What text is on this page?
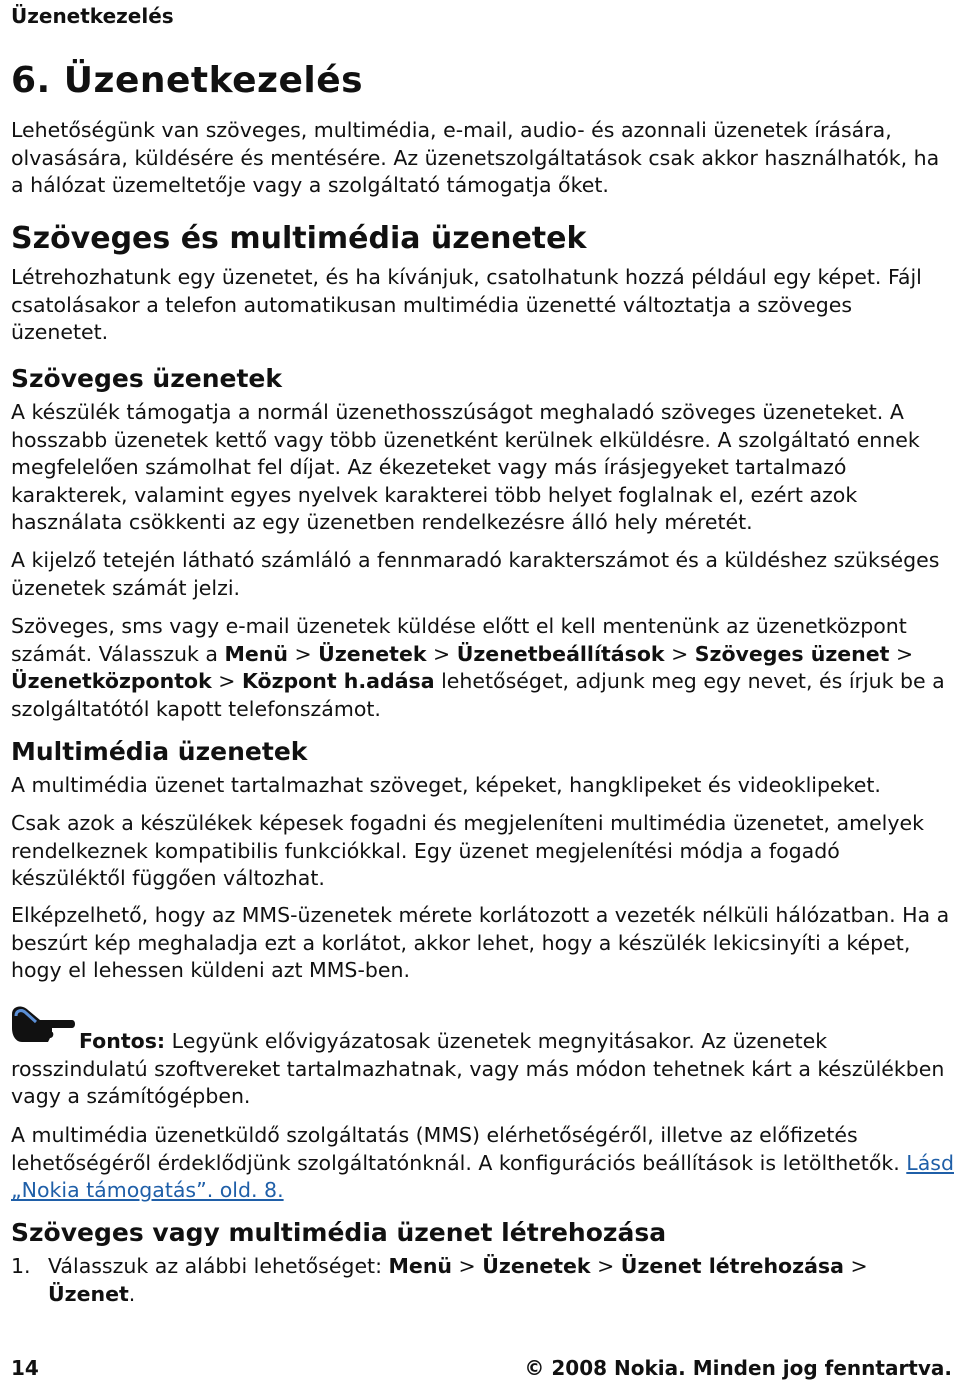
Üzenetkezelés
6. Üzenetkezelés

Lehetőségünk van szöveges, multimédia, e-mail, audio- és azonnali üzenetek írására, olvasására, küldésére és mentésére. Az üzenetszolgáltatások csak akkor használhatók, ha a hálózat üzemeltetője vagy a szolgáltató támogatja őket.

Szöveges és multimédia üzenetek

Létrehozhatunk egy üzenetet, és ha kívánjuk, csatolhatunk hozzá például egy képet. Fájl csatolásakor a telefon automatikusan multimédia üzenetté változtatja a szöveges üzenetet.

Szöveges üzenetek

A készülék támogatja a normál üzenethosszúságot meghaladó szöveges üzeneteket. A hosszabb üzenetek kettő vagy több üzenetként kerülnek elküldésre. A szolgáltató ennek megfelelően számolhat fel díjat. Az ékezeteket vagy más írásjegyeket tartalmazó karakterek, valamint egyes nyelvek karakterei több helyet foglalnak el, ezért azok használata csökkenti az egy üzenetben rendelkezésre álló hely méretét.

A kijelző tetején látható számláló a fennmaradó karakterszámot és a küldéshez szükséges üzenetek számát jelzi.

Szöveges, sms vagy e-mail üzenetek küldése előtt el kell mentenünk az üzenetközpont számát. Válasszuk a Menü > Üzenetek > Üzenetbeállítások > Szöveges üzenet > Üzenetközpontok > Központ h.adása lehetőséget, adjunk meg egy nevet, és írjuk be a szolgáltatótól kapott telefonszámot.

Multimédia üzenetek

A multimédia üzenet tartalmazhat szöveget, képeket, hangklipeket és videoklipeket.

Csak azok a készülékek képesek fogadni és megjeleníteni multimédia üzenetet, amelyek rendelkeznek kompatibilis funkciókkal. Egy üzenet megjelenítési módja a fogadó készüléktől függően változhat.

Elképzelhető, hogy az MMS-üzenetek mérete korlátozott a vezeték nélküli hálózatban. Ha a beszúrt kép meghaladja ezt a korlátot, akkor lehet, hogy a készülék lekicsinyíti a képet, hogy el lehessen küldeni azt MMS-ben.

Fontos: Legyünk elővigyázatosak üzenetek megnyitásakor. Az üzenetek rosszindulatú szoftvereket tartalmazhatnak, vagy más módon tehetnek kárt a készülékben vagy a számítógépben.

A multimédia üzenetküldő szolgáltatás (MMS) elérhetőségéről, illetve az előfizetés lehetőségéről érdeklődjünk szolgáltatónknál. A konfigurációs beállítások is letölthetők. Lásd „Nokia támogatás”. old. 8.

Szöveges vagy multimédia üzenet létrehozása
1. Válasszuk az alábbi lehetőséget: Menü > Üzenetek > Üzenet létrehozása > Üzenet.

14	© 2008 Nokia. Minden jog fenntartva.
